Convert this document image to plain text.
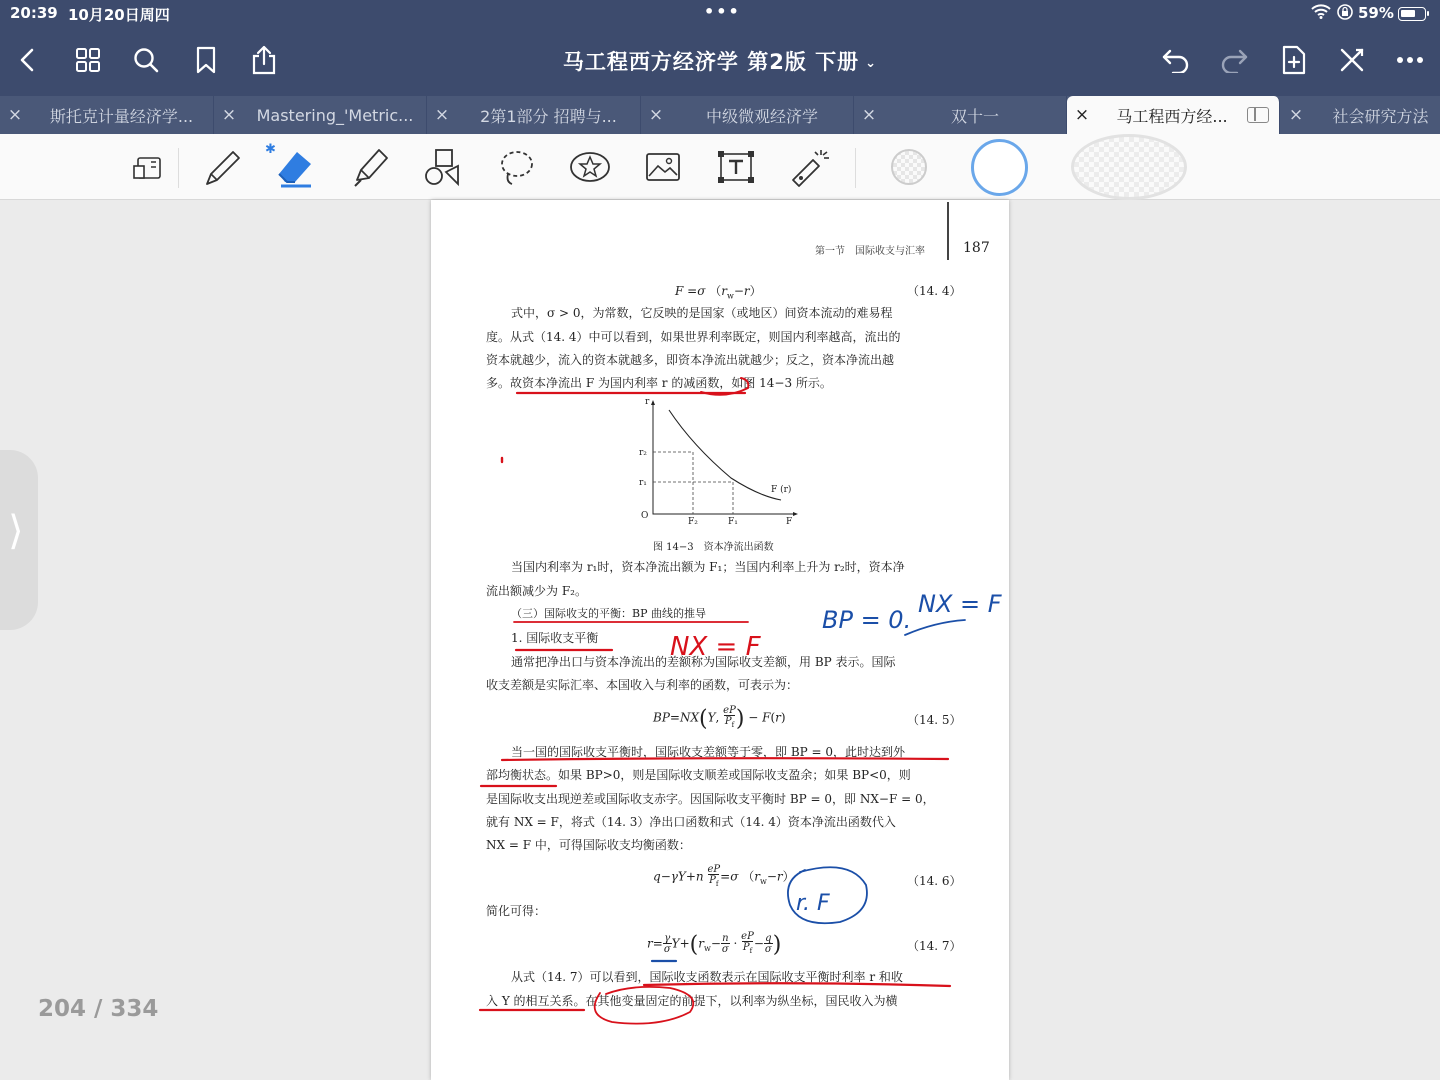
20:39 10月20日周四	•••	59%
马工程西方经济学 第2版 下册 ⌄
×	斯托克计量经济学...	×	Mastering_'Metric...	×	2第1部分 招聘与...	×	中级微观经济学	×	双十一	×	马工程西方经...	×	社会研究方法
✱
⟩
204 / 334
第一节　国际收支与汇率	187
F =σ $(r_w-r)$	（14. 4）
式中，σ > 0，为常数，它反映的是国家（或地区）间资本流动的难易程
度。从式（14. 4）中可以看到，如果世界利率既定，则国内利率越高，流出的
资本就越少，流入的资本就越多，即资本净流出就越少；反之，资本净流出越
多。故资本净流出 F 为国内利率 r 的减函数，如图 14−3 所示。
r
r₂
r₁
O
F₂	F₁	F
F (r)
图 14−3　资本净流出函数
当国内利率为 r₁时，资本净流出额为 F₁；当国内利率上升为 r₂时，资本净
流出额减少为 F₂。
（三）国际收支的平衡：BP 曲线的推导
1. 国际收支平衡
通常把净出口与资本净流出的差额称为国际收支差额，用 BP 表示。国际
收支差额是实际汇率、本国收入与利率的函数，可表示为：
BP=NX(Y, $\frac{eP}{P_f}) - F(r)$	（14. 5）
当一国的国际收支平衡时，国际收支差额等于零，即 BP = 0，此时达到外
部均衡状态。如果 BP>0，则是国际收支顺差或国际收支盈余；如果 BP<0，则
是国际收支出现逆差或国际收支赤字。因国际收支平衡时 BP = 0，即 NX−F = 0，
就有 NX = F，将式（14. 3）净出口函数和式（14. 4）资本净流出函数代入
NX = F 中，可得国际收支均衡函数：
$q-\gamma Y+n \frac{eP}{P_f}=\sigma$ $(r_w-r)$	（14. 6）
简化可得：
$r=\frac{\gamma}{\sigma}Y+(r_w-\frac{n}{\sigma} \cdot \frac{eP}{P_f}-\frac{q}{\sigma})$	（14. 7）
从式（14. 7）可以看到，国际收支函数表示在国际收支平衡时利率 r 和收
入 Y 的相互关系。在其他变量固定的前提下，以利率为纵坐标，国民收入为横
NX = F
BP = 0.
NX = F
r. F
